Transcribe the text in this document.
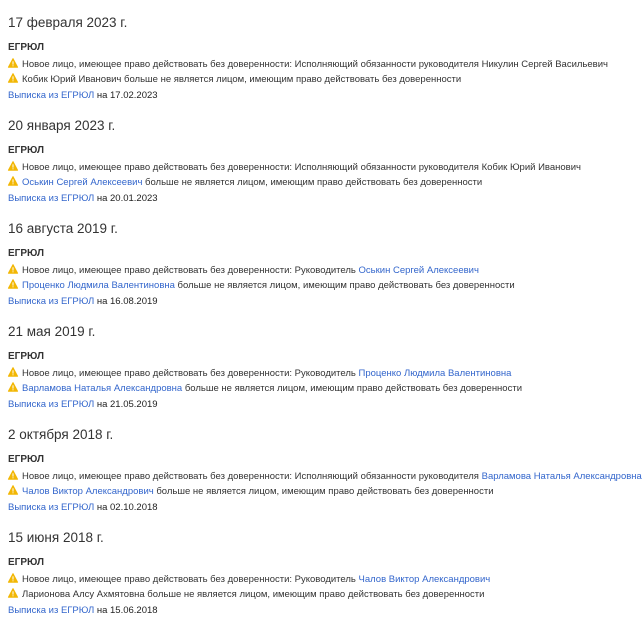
17 февраля 2023 г.
ЕГРЮЛ
Новое лицо, имеющее право действовать без доверенности: Исполняющий обязанности руководителя Никулин Сергей Васильевич
Кобик Юрий Иванович больше не является лицом, имеющим право действовать без доверенности
Выписка из ЕГРЮЛ на 17.02.2023
20 января 2023 г.
ЕГРЮЛ
Новое лицо, имеющее право действовать без доверенности: Исполняющий обязанности руководителя Кобик Юрий Иванович
Оськин Сергей Алексеевич больше не является лицом, имеющим право действовать без доверенности
Выписка из ЕГРЮЛ на 20.01.2023
16 августа 2019 г.
ЕГРЮЛ
Новое лицо, имеющее право действовать без доверенности: Руководитель Оськин Сергей Алексеевич
Проценко Людмила Валентиновна больше не является лицом, имеющим право действовать без доверенности
Выписка из ЕГРЮЛ на 16.08.2019
21 мая 2019 г.
ЕГРЮЛ
Новое лицо, имеющее право действовать без доверенности: Руководитель Проценко Людмила Валентиновна
Варламова Наталья Александровна больше не является лицом, имеющим право действовать без доверенности
Выписка из ЕГРЮЛ на 21.05.2019
2 октября 2018 г.
ЕГРЮЛ
Новое лицо, имеющее право действовать без доверенности: Исполняющий обязанности руководителя Варламова Наталья Александровна
Чалов Виктор Александрович больше не является лицом, имеющим право действовать без доверенности
Выписка из ЕГРЮЛ на 02.10.2018
15 июня 2018 г.
ЕГРЮЛ
Новое лицо, имеющее право действовать без доверенности: Руководитель Чалов Виктор Александрович
Ларионова Алсу Ахмятовна больше не является лицом, имеющим право действовать без доверенности
Выписка из ЕГРЮЛ на 15.06.2018
